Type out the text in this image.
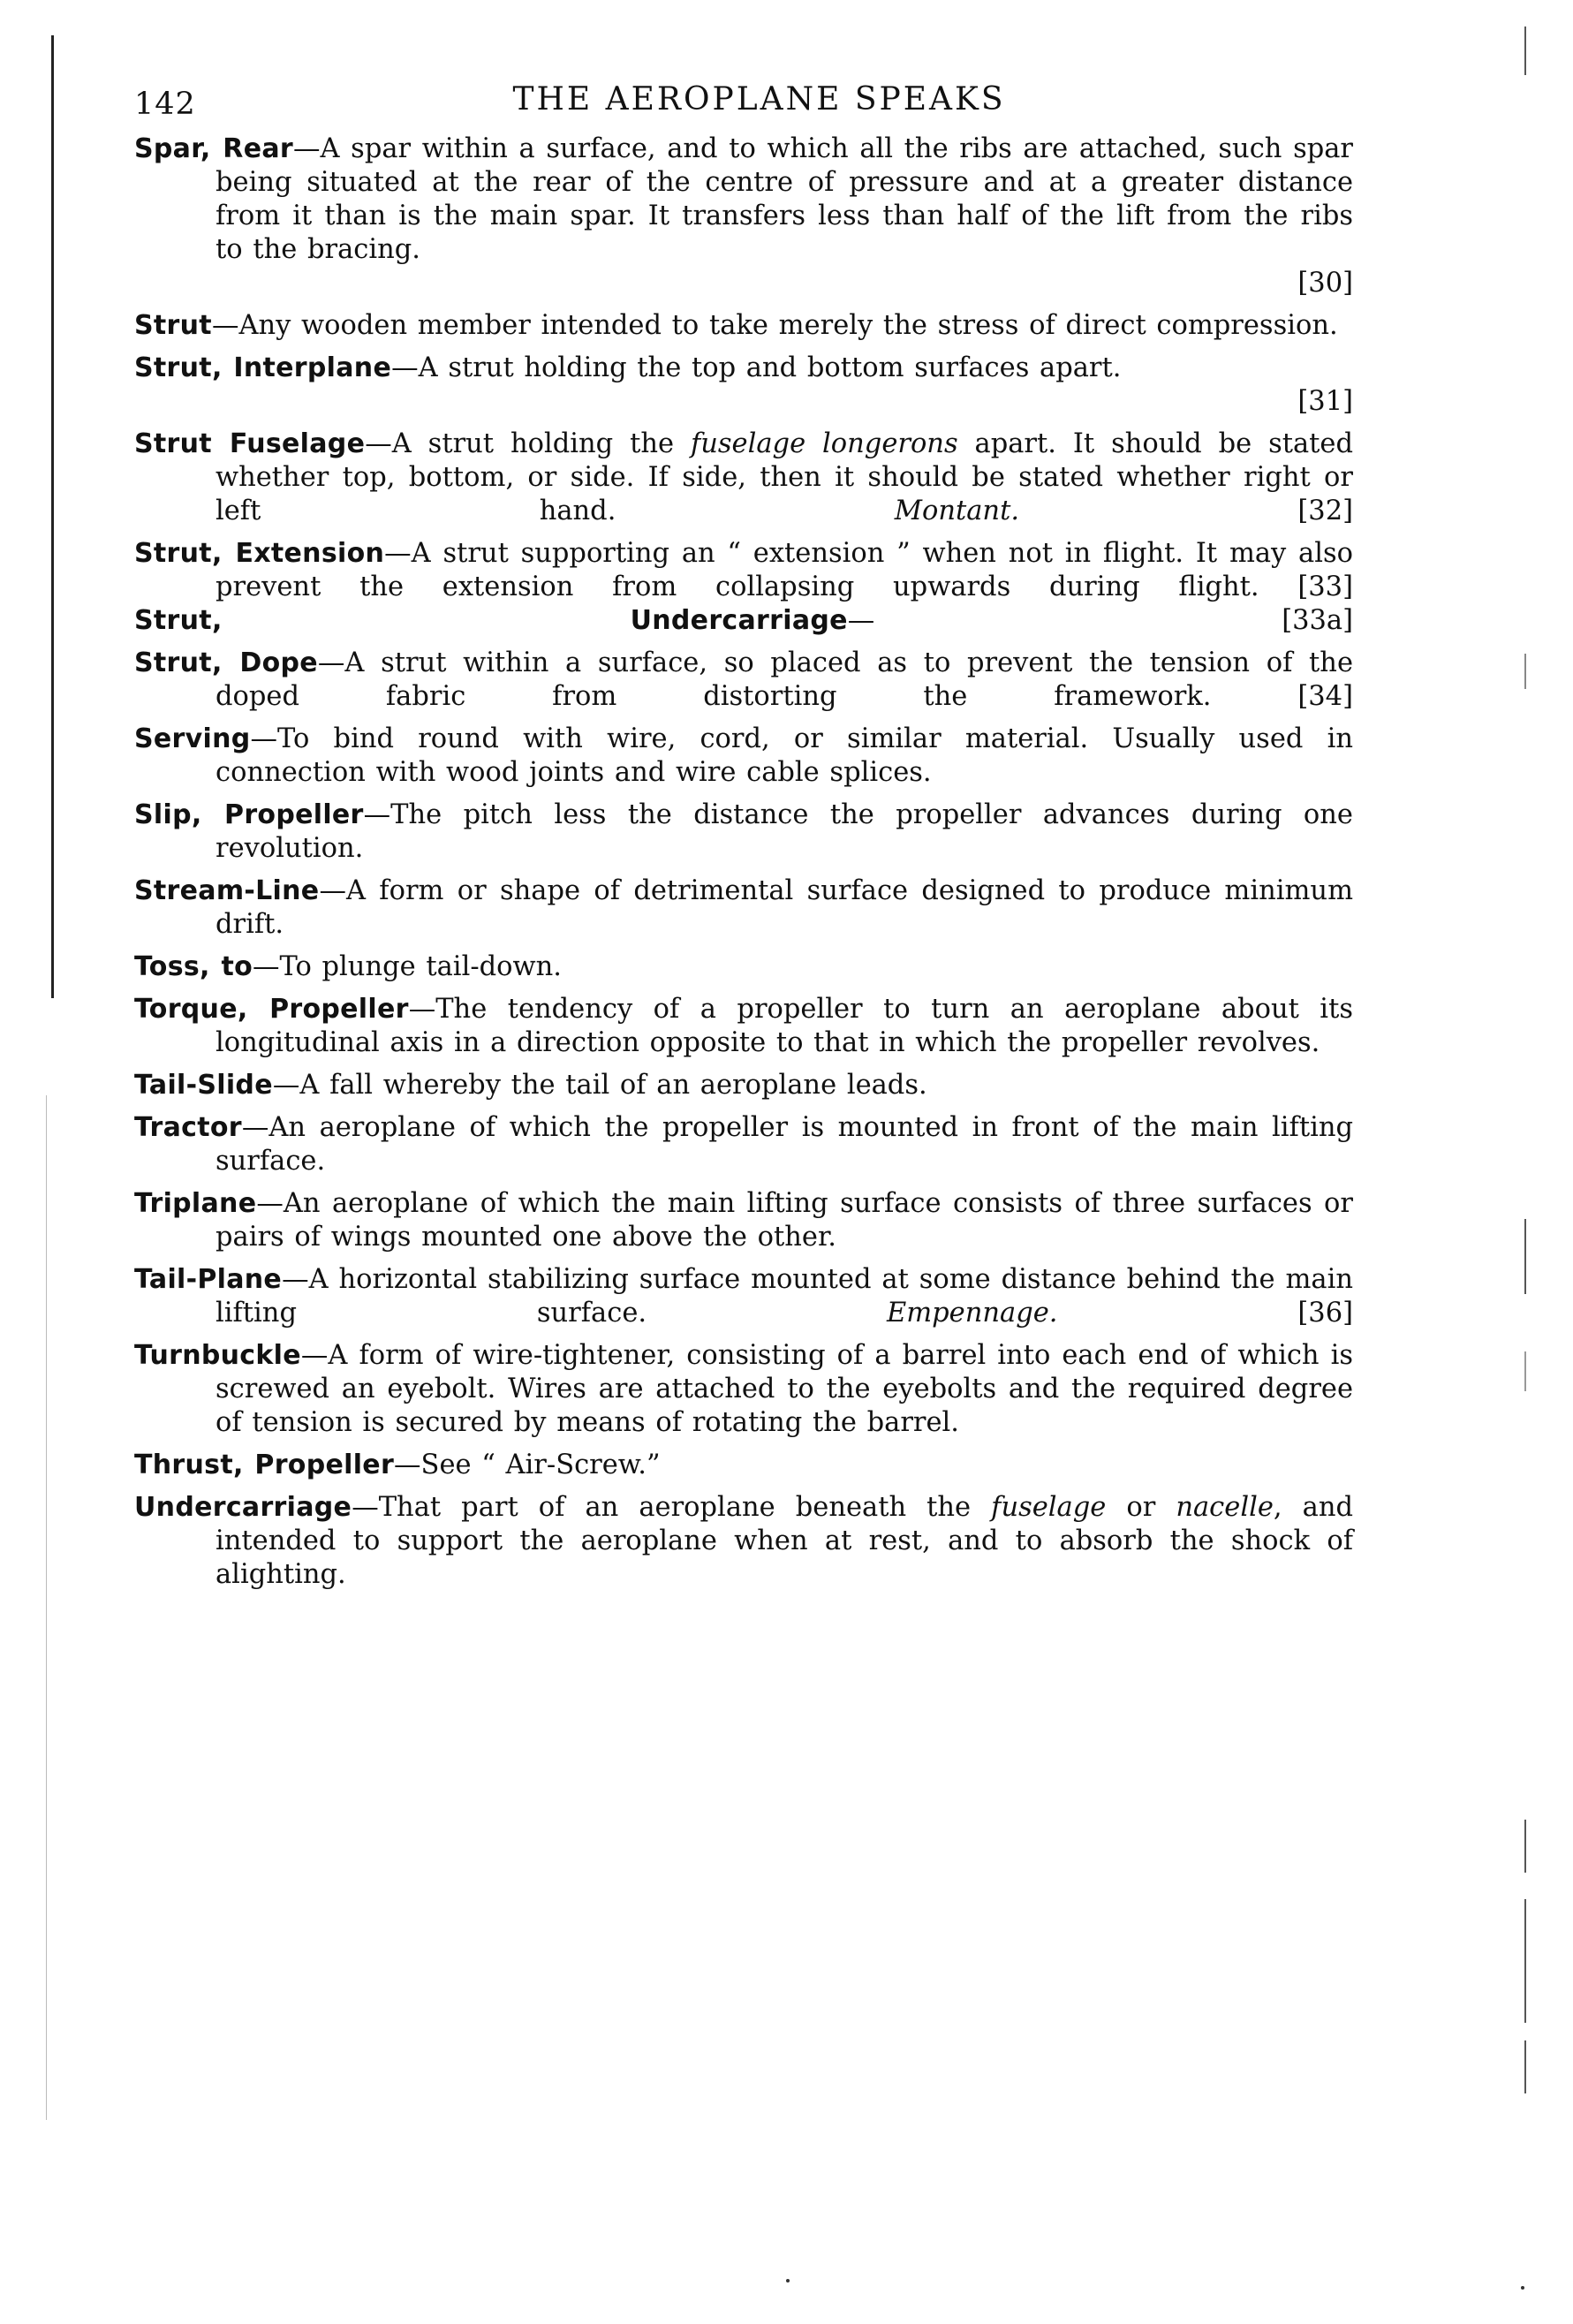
142	THE AEROPLANE SPEAKS
Spar, Rear—A spar within a surface, and to which all the ribs are attached, such spar being situated at the rear of the centre of pressure and at a greater distance from it than is the main spar. It transfers less than half of the lift from the ribs to the bracing.
[30]
Strut—Any wooden member intended to take merely the stress of direct compression.
Strut, Interplane—A strut holding the top and bottom surfaces apart.
[31]
Strut Fuselage—A strut holding the fuselage longerons apart. It should be stated whether top, bottom, or side. If side, then it should be stated whether right or left hand. Montant.	[32]
Strut, Extension—A strut supporting an “ extension ” when not in flight. It may also prevent the extension from collapsing upwards during flight. [33]
Strut, Undercarriage—	[33a]
Strut, Dope—A strut within a surface, so placed as to prevent the tension of the doped fabric from distorting the framework.	[34]
Serving—To bind round with wire, cord, or similar material. Usually used in connection with wood joints and wire cable splices.
Slip, Propeller—The pitch less the distance the propeller advances during one revolution.
Stream-Line—A form or shape of detrimental surface designed to produce minimum drift.
Toss, to—To plunge tail-down.
Torque, Propeller—The tendency of a propeller to turn an aeroplane about its longitudinal axis in a direction opposite to that in which the propeller revolves.
Tail-Slide—A fall whereby the tail of an aeroplane leads.
Tractor—An aeroplane of which the propeller is mounted in front of the main lifting surface.
Triplane—An aeroplane of which the main lifting surface consists of three surfaces or pairs of wings mounted one above the other.
Tail-Plane—A horizontal stabilizing surface mounted at some distance behind the main lifting surface. Empennage.	[36]
Turnbuckle—A form of wire-tightener, consisting of a barrel into each end of which is screwed an eyebolt. Wires are attached to the eyebolts and the required degree of tension is secured by means of rotating the barrel.
Thrust, Propeller—See “ Air-Screw.”
Undercarriage—That part of an aeroplane beneath the fuselage or nacelle, and intended to support the aeroplane when at rest, and to absorb the shock of alighting.
